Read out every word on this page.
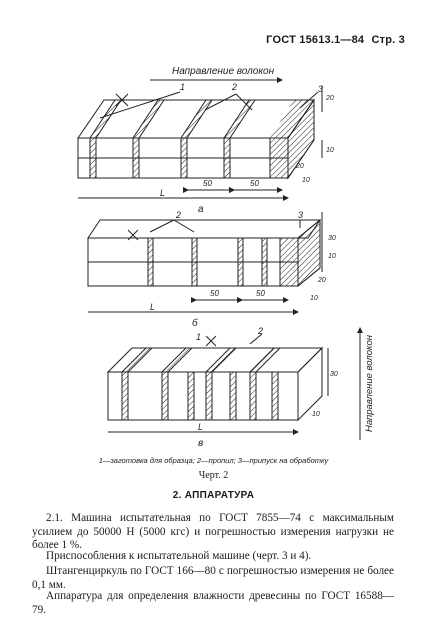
ГОСТ 15613.1—84 Стр. 3
Направление волокон
1	2	3
20
10
50	50	10
20
L
а
2	3
30
10
50	50
10
20
L
б
1
2
30
10
L
в
Направление волокон
1—заготовка для образца; 2—пропил; 3—припуск на обработку
Черт. 2
2. АППАРАТУРА

2.1. Машина испытательная по ГОСТ 7855—74 с максимальным усилием до 50000 Н (5000 кгс) и погрешностью измерения нагрузки не более 1 %.

Приспособления к испытательной машине (черт. 3 и 4).

Штангенциркуль по ГОСТ 166—80 с погрешностью измерения не более 0,1 мм.

Аппаратура для определения влажности древесины по ГОСТ 16588—79.
